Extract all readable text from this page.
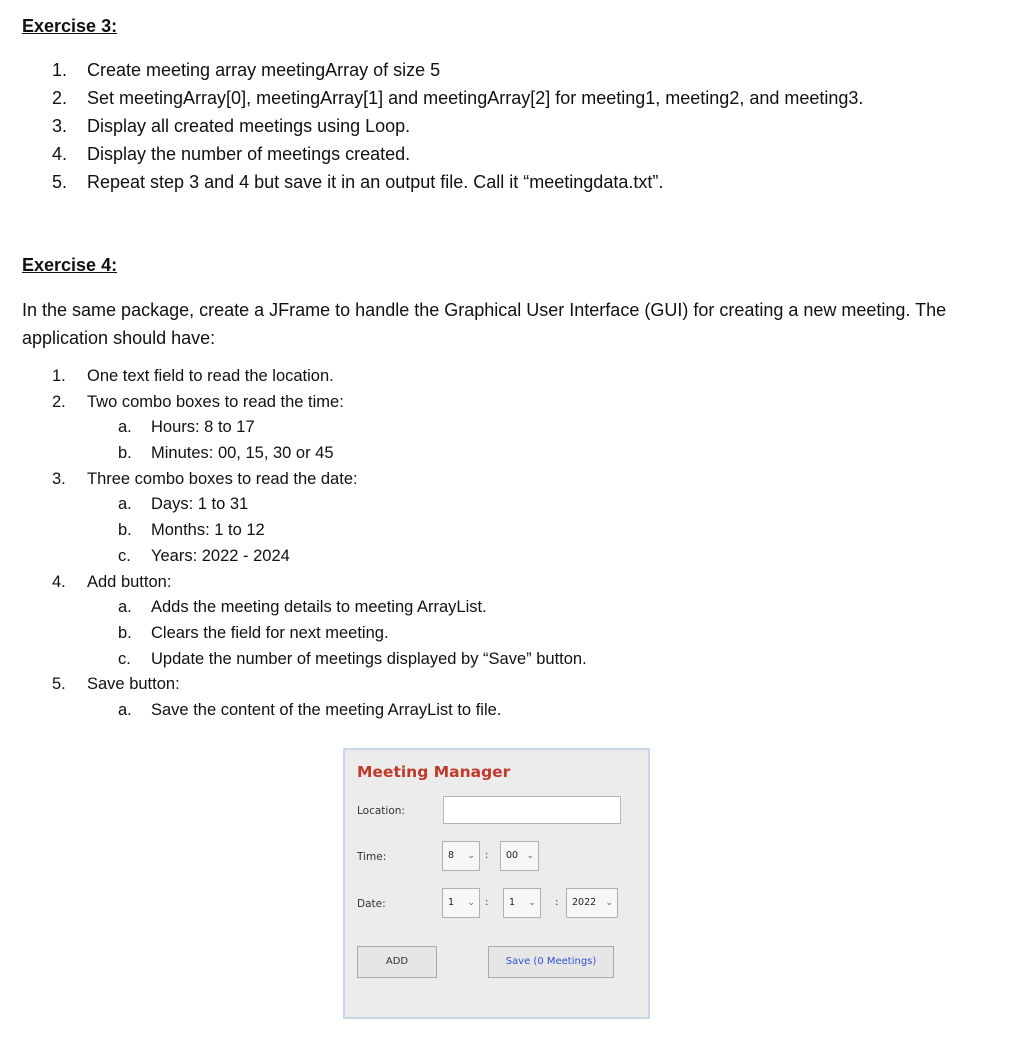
Exercise 3:
1. Create meeting array meetingArray of size 5
2. Set meetingArray[0], meetingArray[1] and meetingArray[2] for meeting1, meeting2, and meeting3.
3. Display all created meetings using Loop.
4. Display the number of meetings created.
5. Repeat step 3 and 4 but save it in an output file. Call it “meetingdata.txt”.
Exercise 4:

In the same package, create a JFrame to handle the Graphical User Interface (GUI) for creating a new meeting. The application should have:

1. One text field to read the location.
2. Two combo boxes to read the time:
a. Hours: 8 to 17
b. Minutes: 00, 15, 30 or 45
3. Three combo boxes to read the date:
a. Days: 1 to 31
b. Months: 1 to 12
c. Years: 2022 - 2024
4. Add button:
a. Adds the meeting details to meeting ArrayList.
b. Clears the field for next meeting.
c. Update the number of meetings displayed by “Save” button.
5. Save button:
a. Save the content of the meeting ArrayList to file.
Meeting Manager
Location:
Time:	8 ⌄ :	00 ⌄
Date:	1 ⌄ :	1 ⌄ :	2022 ⌄
ADD	Save (0 Meetings)
